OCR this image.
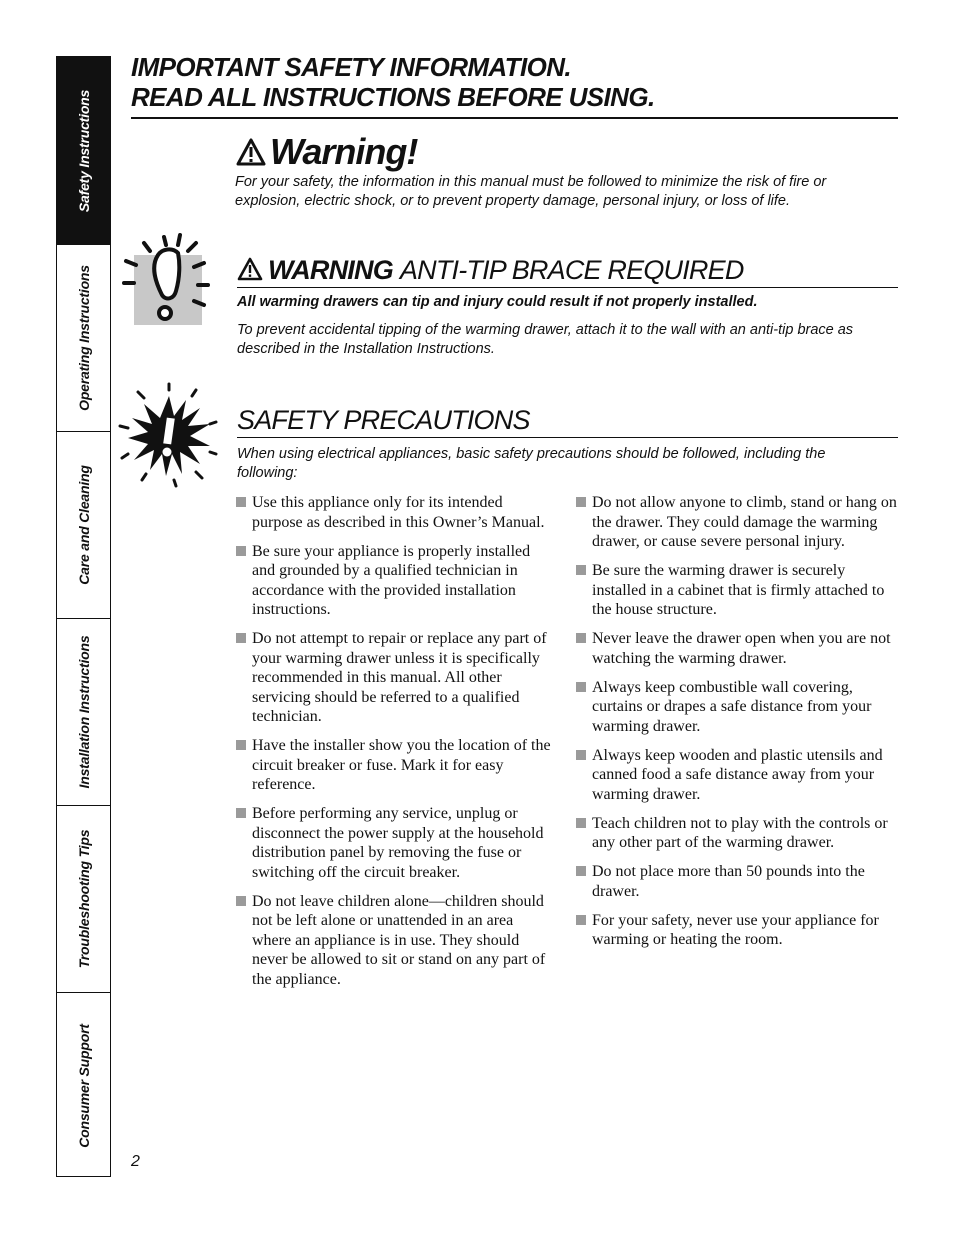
Safety Instructions
Operating Instructions
Care and Cleaning
Installation Instructions
Troubleshooting Tips
Consumer Support
IMPORTANT SAFETY INFORMATION.
READ ALL INSTRUCTIONS BEFORE USING.
Warning!
For your safety, the information in this manual must be followed to minimize the risk of fire or explosion, electric shock, or to prevent property damage, personal injury, or loss of life.
WARNING ANTI-TIP BRACE REQUIRED
All warming drawers can tip and injury could result if not properly installed.
To prevent accidental tipping of the warming drawer, attach it to the wall with an anti-tip brace as described in the Installation Instructions.
SAFETY PRECAUTIONS
When using electrical appliances, basic safety precautions should be followed, including the following:
Use this appliance only for its intended purpose as described in this Owner’s Manual.
Be sure your appliance is properly installed and grounded by a qualified technician in accordance with the provided installation instructions.
Do not attempt to repair or replace any part of your warming drawer unless it is specifically recommended in this manual. All other servicing should be referred to a qualified technician.
Have the installer show you the location of the circuit breaker or fuse. Mark it for easy reference.
Before performing any service, unplug or disconnect the power supply at the household distribution panel by removing the fuse or switching off the circuit breaker.
Do not leave children alone—children should not be left alone or unattended in an area where an appliance is in use. They should never be allowed to sit or stand on any part of the appliance.
Do not allow anyone to climb, stand or hang on the drawer. They could damage the warming drawer, or cause severe personal injury.
Be sure the warming drawer is securely installed in a cabinet that is firmly attached to the house structure.
Never leave the drawer open when you are not watching the warming drawer.
Always keep combustible wall covering, curtains or drapes a safe distance from your warming drawer.
Always keep wooden and plastic utensils and canned food a safe distance away from your warming drawer.
Teach children not to play with the controls or any other part of the warming drawer.
Do not place more than 50 pounds into the drawer.
For your safety, never use your appliance for warming or heating the room.
2
